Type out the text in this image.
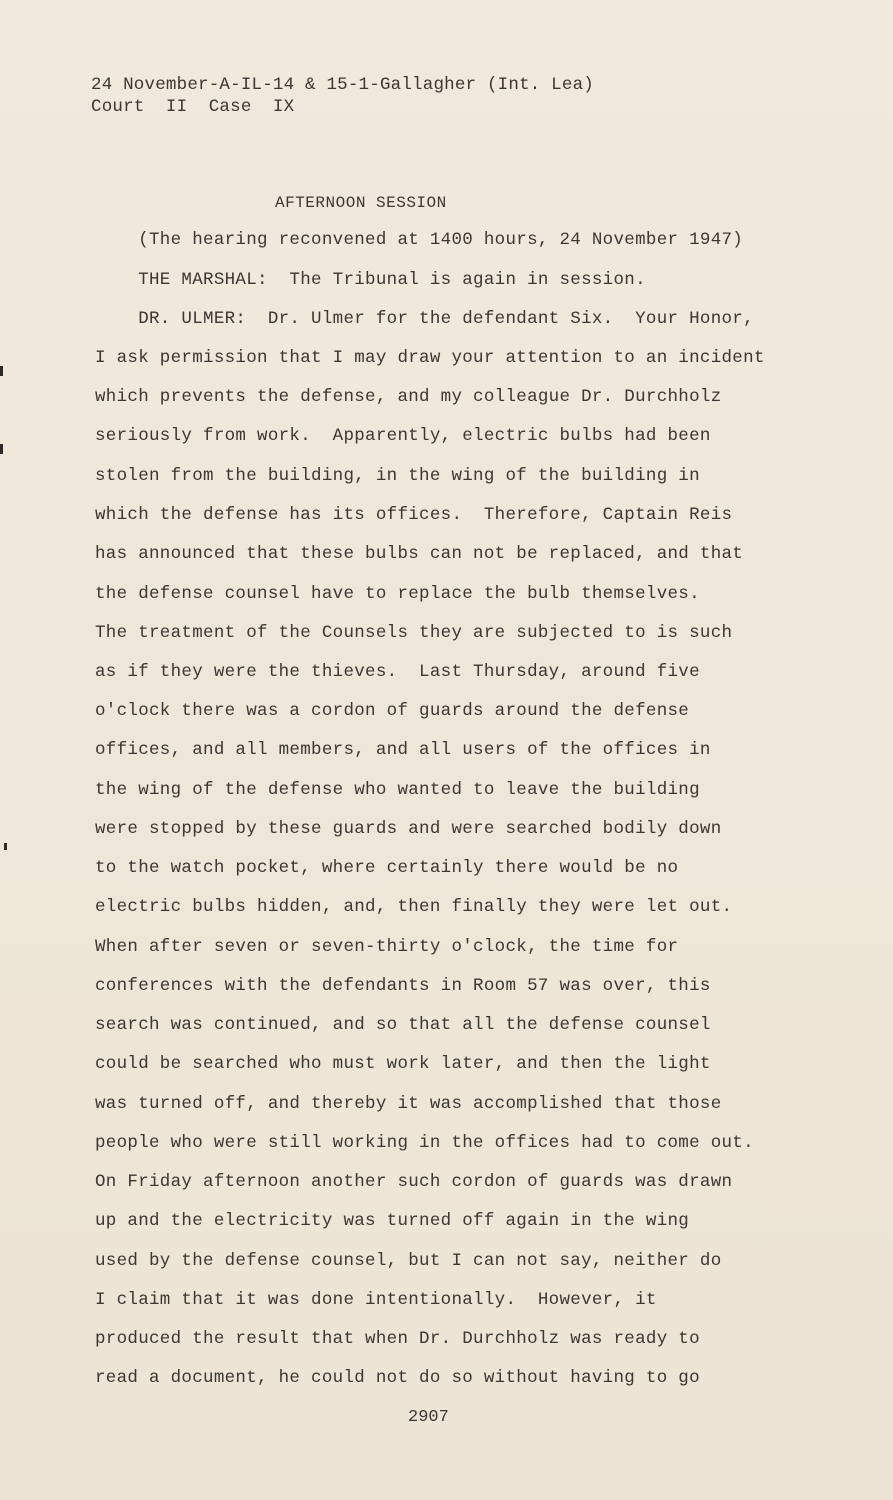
24 November-A-IL-14 & 15-1-Gallagher (Int. Lea)
Court  II  Case  IX
AFTERNOON SESSION
(The hearing reconvened at 1400 hours, 24 November 1947)
THE MARSHAL:  The Tribunal is again in session.
DR. ULMER:  Dr. Ulmer for the defendant Six.  Your Honor,
I ask permission that I may draw your attention to an incident
which prevents the defense, and my colleague Dr. Durchholz
seriously from work.  Apparently, electric bulbs had been
stolen from the building, in the wing of the building in
which the defense has its offices.  Therefore, Captain Reis
has announced that these bulbs can not be replaced, and that
the defense counsel have to replace the bulb themselves.
The treatment of the Counsels they are subjected to is such
as if they were the thieves.  Last Thursday, around five
o'clock there was a cordon of guards around the defense
offices, and all members, and all users of the offices in
the wing of the defense who wanted to leave the building
were stopped by these guards and were searched bodily down
to the watch pocket, where certainly there would be no
electric bulbs hidden, and, then finally they were let out.
When after seven or seven-thirty o'clock, the time for
conferences with the defendants in Room 57 was over, this
search was continued, and so that all the defense counsel
could be searched who must work later, and then the light
was turned off, and thereby it was accomplished that those
people who were still working in the offices had to come out.
On Friday afternoon another such cordon of guards was drawn
up and the electricity was turned off again in the wing
used by the defense counsel, but I can not say, neither do
I claim that it was done intentionally.  However, it
produced the result that when Dr. Durchholz was ready to
read a document, he could not do so without having to go
2907
